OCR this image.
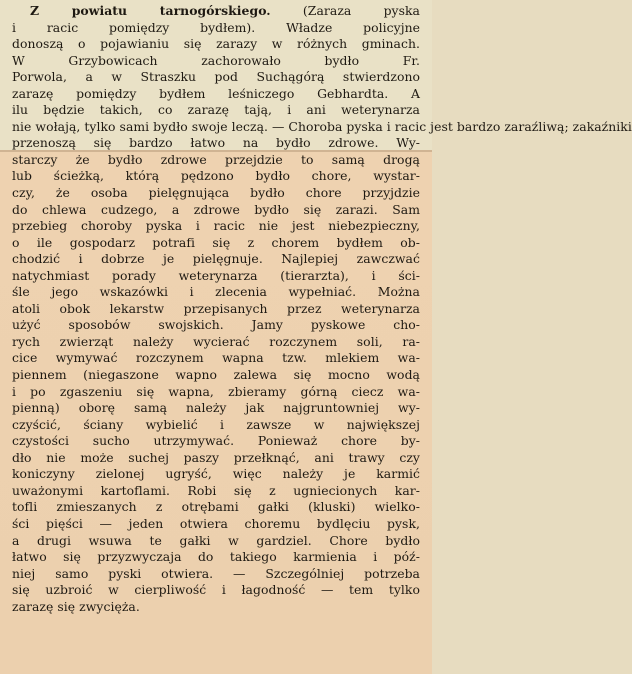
Z powiatu tarnogórskiego.	(Zaraza pyska
i racic pomiędzy bydłem). Władze policyjne
donoszą o pojawianiu się zarazy w różnych gminach.
W Grzybowicach zachorowało bydło Fr.
Porwola, a w Straszku pod Suchągórą stwierdzono
zarazę pomiędzy bydłem leśniczego Gebhardta. A
ilu będzie takich, co zarazę tają, i ani weterynarza
nie wołają, tylko sami bydło swoje leczą. — Choroba pyska i racic jest bardzo zaraźliwą; zakaźniki
przenoszą się bardzo łatwo na bydło zdrowe. Wy-
starczy że bydło zdrowe przejdzie to samą drogą
lub ścieżką, którą pędzono bydło chore, wystar-
czy, że osoba pielęgnująca bydło chore przyjdzie
do chlewa cudzego, a zdrowe bydło się zarazi. Sam
przebieg choroby pyska i racic nie jest niebezpieczny,
o ile gospodarz potrafi się z chorem bydłem ob-
chodzić i dobrze je pielęgnuje. Najlepiej zawczwać
natychmiast porady weterynarza (tierarzta), i ści-
śle jego wskazówki i zlecenia wypełniać. Można
atoli obok lekarstw przepisanych przez weterynarza
użyć sposobów swojskich. Jamy pyskowe cho-
rych zwierząt należy wycierać rozczynem soli, ra-
cice wymywać rozczynem wapna tzw. mlekiem wa-
piennem (niegaszone wapno zalewa się mocno wodą
i po zgaszeniu się wapna, zbieramy górną ciecz wa-
pienną) oborę samą należy jak najgruntowniej wy-
czyścić, ściany wybielić i zawsze w największej
czystości sucho utrzymywać. Ponieważ chore by-
dło nie może suchej paszy przełknąć, ani trawy czy
koniczyny zielonej ugryść, więc należy je karmić
uważonymi kartoflami. Robi się z ugniecionych kar-
tofli zmieszanych z otrębami gałki (kluski) wielko-
ści pięści — jeden otwiera choremu bydlęciu pysk,
a drugi wsuwa te gałki w gardziel. Chore bydło
łatwo się przyzwyczaja do takiego karmienia i póź-
niej samo pyski otwiera. — Szczególniej potrzeba
się uzbroić w cierpliwość i łagodność — tem tylko
zarazę się zwycięża.
